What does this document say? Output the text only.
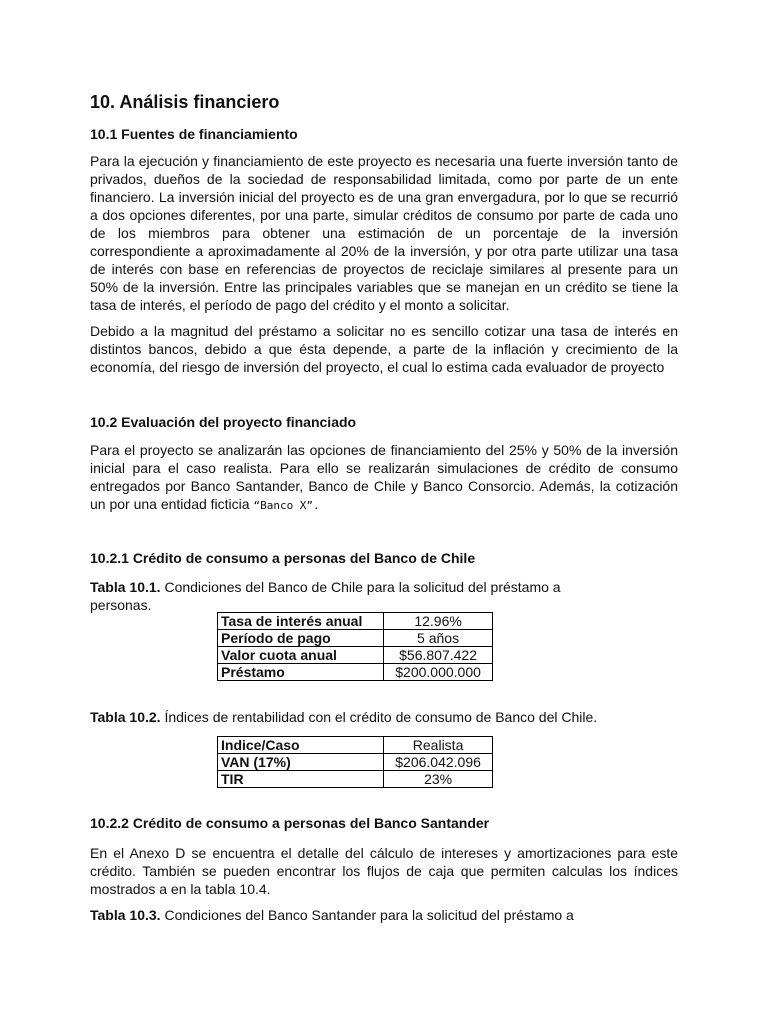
10. Análisis financiero
10.1 Fuentes de financiamiento

Para la ejecución y financiamiento de este proyecto es necesaria una fuerte inversión tanto de privados, dueños de la sociedad de responsabilidad limitada, como por parte de un ente financiero. La inversión inicial del proyecto es de una gran envergadura, por lo que se recurrió a dos opciones diferentes, por una parte, simular créditos de consumo por parte de cada uno de los miembros para obtener una estimación de un porcentaje de la inversión correspondiente a aproximadamente al 20% de la inversión, y por otra parte utilizar una tasa de interés con base en referencias de proyectos de reciclaje similares al presente para un 50% de la inversión. Entre las principales variables que se manejan en un crédito se tiene la tasa de interés, el período de pago del crédito y el monto a solicitar.

Debido a la magnitud del préstamo a solicitar no es sencillo cotizar una tasa de interés en distintos bancos, debido a que ésta depende, a parte de la inflación y crecimiento de la economía, del riesgo de inversión del proyecto, el cual lo estima cada evaluador de proyecto

10.2 Evaluación del proyecto financiado

Para el proyecto se analizarán las opciones de financiamiento del 25% y 50% de la inversión inicial para el caso realista. Para ello se realizarán simulaciones de crédito de consumo entregados por Banco Santander, Banco de Chile y Banco Consorcio. Además, la cotización un por una entidad ficticia “Banco X”.

10.2.1 Crédito de consumo a personas del Banco de Chile

Tabla 10.1. Condiciones del Banco de Chile para la solicitud del préstamo a personas.

Tasa de interés anual	12.96%
Período de pago	5 años
Valor cuota anual	$56.807.422
Préstamo	$200.000.000

Tabla 10.2. Índices de rentabilidad con el crédito de consumo de Banco del Chile.

Indice/Caso	Realista
VAN (17%)	$206.042.096
TIR	23%
10.2.2 Crédito de consumo a personas del Banco Santander

En el Anexo D se encuentra el detalle del cálculo de intereses y amortizaciones para este crédito. También se pueden encontrar los flujos de caja que permiten calculas los índices mostrados a en la tabla 10.4.

Tabla 10.3. Condiciones del Banco Santander para la solicitud del préstamo a
